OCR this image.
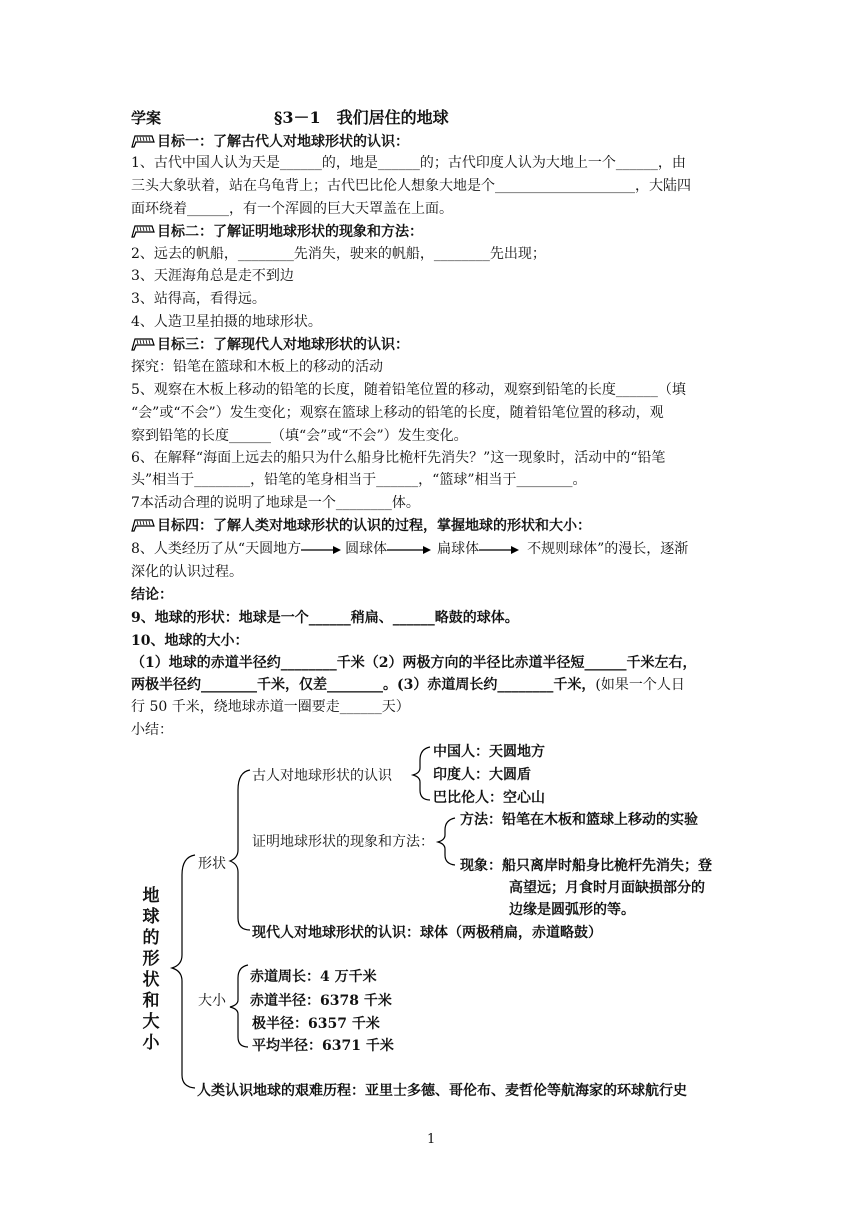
学案	§3－1　我们居住的地球
目标一：了解古代人对地球形状的认识：
1、古代中国人认为天是______的，地是______的；古代印度人认为大地上一个______，由
三头大象驮着，站在乌龟背上；古代巴比伦人想象大地是个____________________，大陆四
面环绕着______，有一个浑圆的巨大天罩盖在上面。
目标二：了解证明地球形状的现象和方法：
2、远去的帆船，________先消失，驶来的帆船，________先出现；
3、天涯海角总是走不到边
3、站得高，看得远。
4、人造卫星拍摄的地球形状。
目标三：了解现代人对地球形状的认识：
探究：铅笔在篮球和木板上的移动的活动
5、观察在木板上移动的铅笔的长度，随着铅笔位置的移动，观察到铅笔的长度______（填
“会”或“不会”）发生变化；观察在篮球上移动的铅笔的长度，随着铅笔位置的移动，观
察到铅笔的长度______（填“会”或“不会”）发生变化。
6、在解释“海面上远去的船只为什么船身比桅杆先消失？”这一现象时，活动中的“铅笔
头”相当于________，铅笔的笔身相当于______，“篮球”相当于________。
7本活动合理的说明了地球是一个________体。
目标四：了解人类对地球形状的认识的过程，掌握地球的形状和大小：
8、人类经历了从“天圆地方	圆球体	扁球体	不规则球体”的漫长，逐渐
深化的认识过程。
结论：
9、地球的形状：地球是一个______稍扁、______略鼓的球体。
10、地球的大小：
（1）地球的赤道半径约________千米（2）两极方向的半径比赤道半径短______千米左右，
两极半径约________千米，仅差________。(3）赤道周长约________千米，(如果一个人日
行 50 千米，绕地球赤道一圈要走______天）
小结：
地球的形状和大小
形状
古人对地球形状的认识
中国人：天圆地方
印度人：大圆盾
巴比伦人：空心山
证明地球形状的现象和方法：
方法：铅笔在木板和篮球上移动的实验
现象：船只离岸时船身比桅杆先消失；登
高望远；月食时月面缺损部分的
边缘是圆弧形的等。
现代人对地球形状的认识：球体（两极稍扁，赤道略鼓）
大小
赤道周长：4 万千米
赤道半径：6378 千米
极半径：6357 千米
平均半径：6371 千米
人类认识地球的艰难历程：亚里士多德、哥伦布、麦哲伦等航海家的环球航行史
1
